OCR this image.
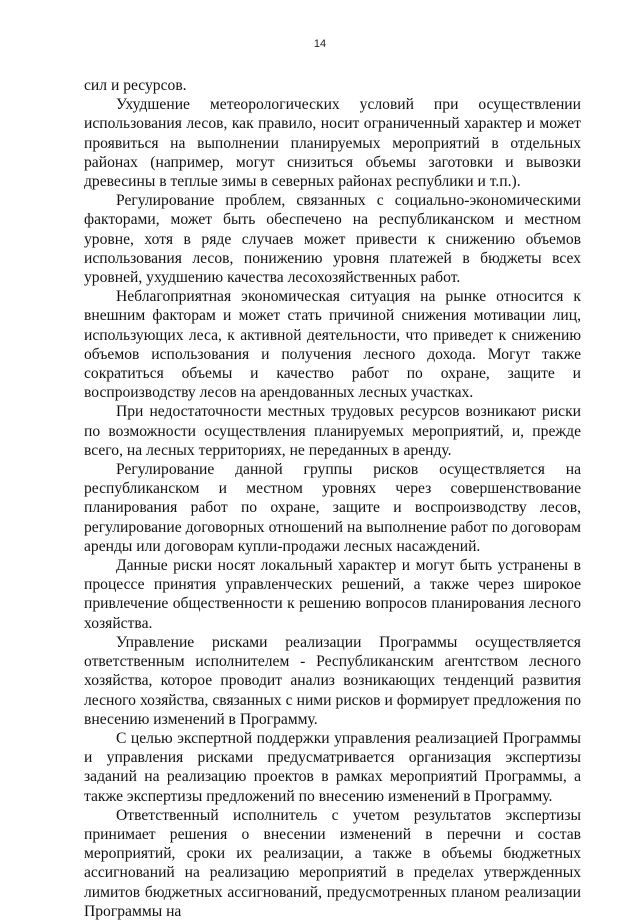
14

сил и ресурсов.

Ухудшение метеорологических условий при осуществлении использования лесов, как правило, носит ограниченный характер и может проявиться на выполнении планируемых мероприятий в отдельных районах (например, могут снизиться объемы заготовки и вывозки древесины в теплые зимы в северных районах республики и т.п.).

Регулирование проблем, связанных с социально-экономическими факторами, может быть обеспечено на республиканском и местном уровне, хотя в ряде случаев может привести к снижению объемов использования лесов, понижению уровня платежей в бюджеты всех уровней, ухудшению качества лесохозяйственных работ.

Неблагоприятная экономическая ситуация на рынке относится к внешним факторам и может стать причиной снижения мотивации лиц, использующих леса, к активной деятельности, что приведет к снижению объемов использования и получения лесного дохода. Могут также сократиться объемы и качество работ по охране, защите и воспроизводству лесов на арендованных лесных участках.

При недостаточности местных трудовых ресурсов возникают риски по возможности осуществления планируемых мероприятий, и, прежде всего, на лесных территориях, не переданных в аренду.

Регулирование данной группы рисков осуществляется на республиканском и местном уровнях через совершенствование планирования работ по охране, защите и воспроизводству лесов, регулирование договорных отношений на выполнение работ по договорам аренды или договорам купли-продажи лесных насаждений.

Данные риски носят локальный характер и могут быть устранены в процессе принятия управленческих решений, а также через широкое привлечение общественности к решению вопросов планирования лесного хозяйства.

Управление рисками реализации Программы осуществляется ответственным исполнителем - Республиканским агентством лесного хозяйства, которое проводит анализ возникающих тенденций развития лесного хозяйства, связанных с ними рисков и формирует предложения по внесению изменений в Программу.

С целью экспертной поддержки управления реализацией Программы и управления рисками предусматривается организация экспертизы заданий на реализацию проектов в рамках мероприятий Программы, а также экспертизы предложений по внесению изменений в Программу.

Ответственный исполнитель с учетом результатов экспертизы принимает решения о внесении изменений в перечни и состав мероприятий, сроки их реализации, а также в объемы бюджетных ассигнований на реализацию мероприятий в пределах утвержденных лимитов бюджетных ассигнований, предусмотренных планом реализации Программы на
